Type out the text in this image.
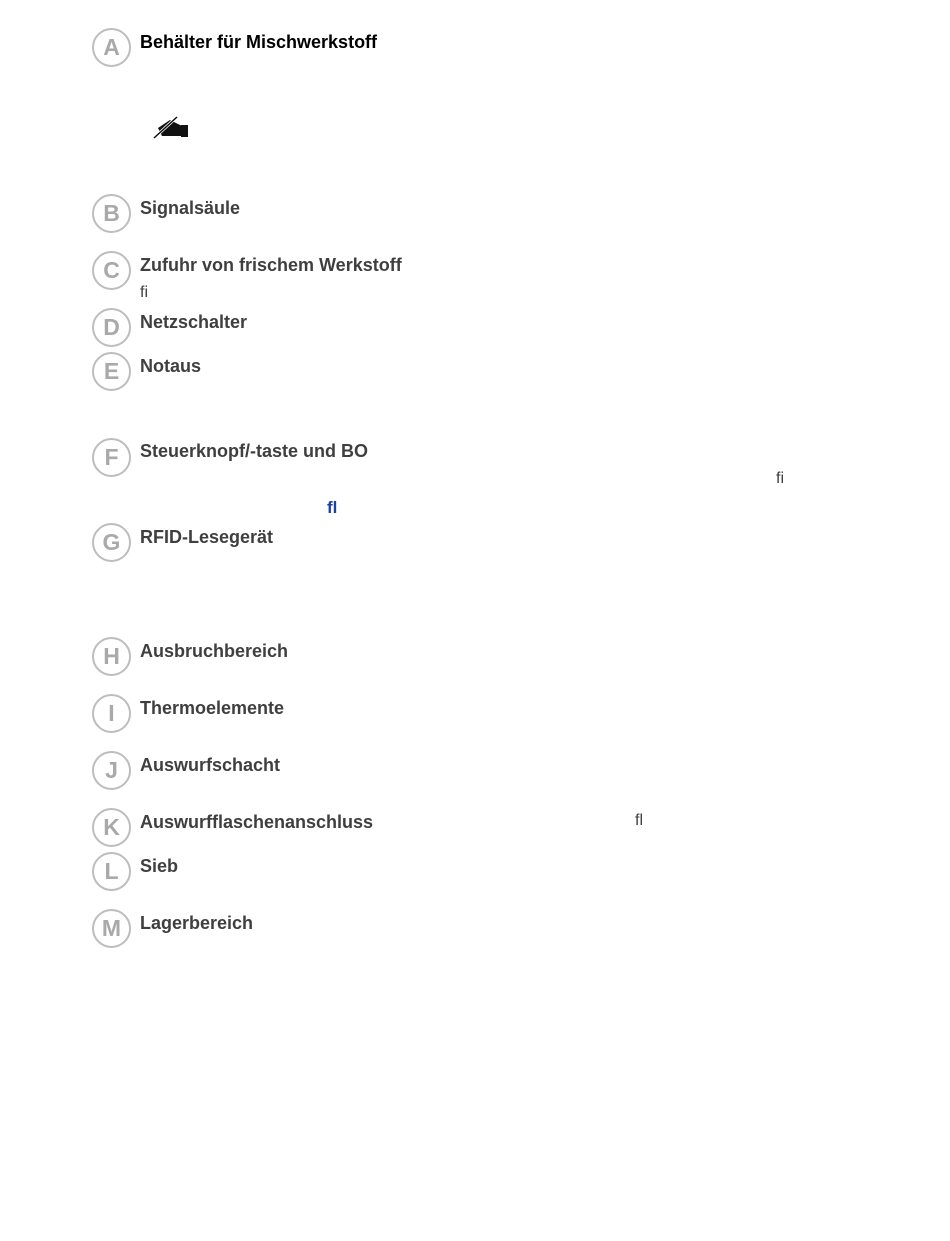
A	Behälter für Mischwerkstoff
B	Signalsäule
C	Zufuhr von frischem Werkstoff
fi
D	Netzschalter
E	Notaus
F	Steuerknopf/-taste und BO
fi
fl
G	RFID-Lesegerät
H	Ausbruchbereich
I	Thermoelemente
J	Auswurfschacht
K	Auswurfflaschenanschluss	fl
L	Sieb
M	Lagerbereich
